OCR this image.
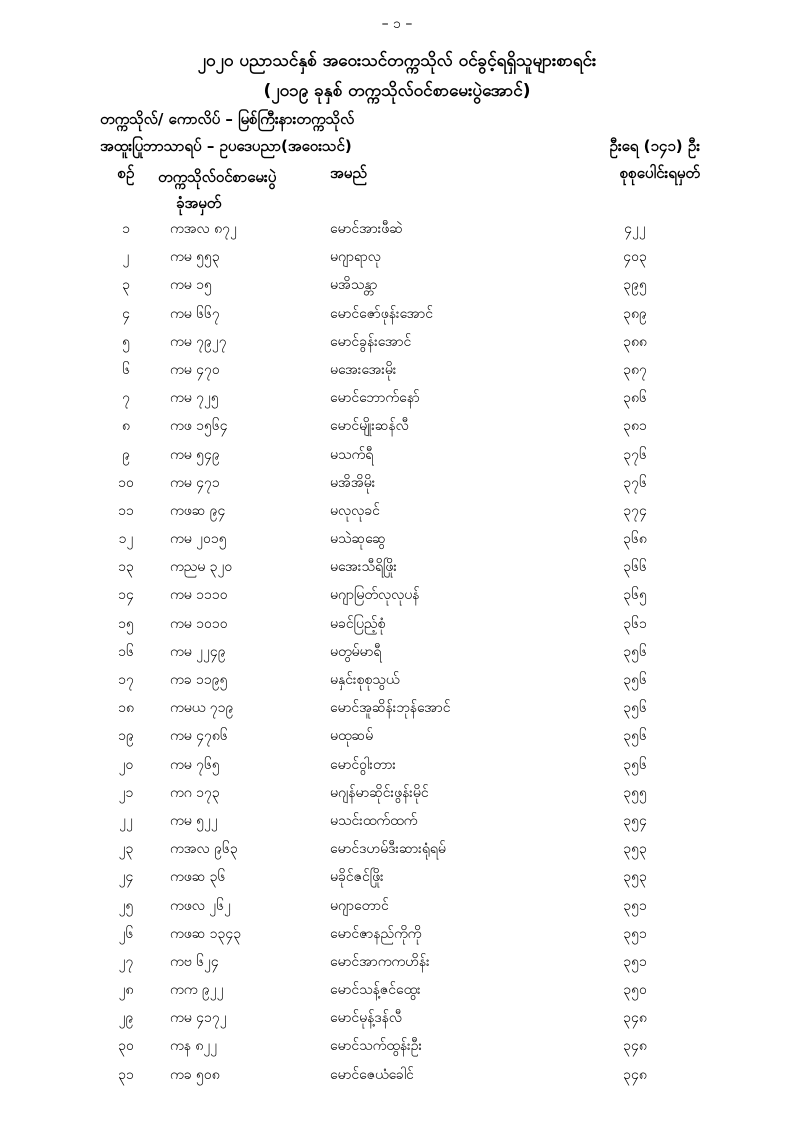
– ၁ –
၂၀၂၀ ပညာသင်နှစ် အဝေးသင်တက္ကသိုလ် ဝင်ခွင့်ရရှိသူများစာရင်း
(၂၀၁၉ ခုနှစ် တက္ကသိုလ်ဝင်စာမေးပွဲအောင်)
တက္ကသိုလ်/ ကောလိပ် – မြစ်ကြီးနားတက္ကသိုလ်
အထူးပြုဘာသာရပ် – ဥပဒေပညာ(အဝေးသင်)	ဦးရေ (၁၄၁) ဦး
စဉ်	တက္ကသိုလ်ဝင်စာမေးပွဲ
ခုံအမှတ်
အမည်	စုစုပေါင်းရမှတ်
၁	ကအလ ၈၇၂	မောင်အားဖီဆဲ	၄၂၂
၂	ကမ ၅၅၃	မဂျာရာလု	၄၀၃
၃	ကမ ၁၅	မအိသန္တာ	၃၉၅
၄	ကမ ၆၆၇	မောင်ဇော်ဖုန်းအောင်	၃၈၉
၅	ကမ ၇၉၂၇	မောင်ခွန်းအောင်	၃၈၈
၆	ကမ ၄၇၀	မအေးအေးမိုး	၃၈၇
၇	ကမ ၇၂၅	မောင်ဘောက်နော်	၃၈၆
၈	ကဖ ၁၅၆၄	မောင်မျိုးဆန်လီ	၃၈၁
၉	ကမ ၅၄၉	မသက်ရီ	၃၇၆
၁၀	ကမ ၄၇၁	မအိအိမိုး	၃၇၆
၁၁	ကဖဆ ၉၄	မလုလုခင်	၃၇၄
၁၂	ကမ ၂၀၁၅	မသဲဆုဆွေ	၃၆၈
၁၃	ကညမ ၃၂၀	မအေးသီရိဖြိုး	၃၆၆
၁၄	ကမ ၁၁၁၀	မဂျာမြတ်လုလုပန်	၃၆၅
၁၅	ကမ ၁၀၁၀	မခင်ပြည့်စုံ	၃၆၁
၁၆	ကမ ၂၂၄၉	မတွမ်မာရီ	၃၅၆
၁၇	ကခ ၁၁၉၅	မနှင်းစုစုသွယ်	၃၅၆
၁၈	ကမယ ၇၁၉	မောင်အူဆိန်းဘုန်အောင်	၃၅၆
၁၉	ကမ ၄၇၈၆	မထုဆမ်	၃၅၆
၂၀	ကမ ၇၆၅	မောင်ဝွါးတား	၃၅၆
၂၁	ကဂ ၁၇၃	မဂျန်မာဆိုင်းဖွန်းမိုင်	၃၅၅
၂၂	ကမ ၅၂၂	မသင်းထက်ထက်	၃၅၄
၂၃	ကအလ ၉၆၃	မောင်ဒဟမ်ဒီးဆားရုံရမ်	၃၅၃
၂၄	ကဖဆ ၃၆	မခိုင်ဇင်ဖြိုး	၃၅၃
၂၅	ကဖလ ၂၆၂	မဂျာတောင်	၃၅၁
၂၆	ကဖဆ ၁၃၄၃	မောင်ဇာနည်ကိုကို	၃၅၁
၂၇	ကဗ ၆၂၄	မောင်အာကကဟိန်း	၃၅၁
၂၈	ကက ၉၂၂	မောင်သန့်ဇင်ထွေး	၃၅၀
၂၉	ကမ ၄၁၇၂	မောင်မုန့်ဒန်လီ	၃၄၈
၃၀	ကန ၈၂၂	မောင်သက်ထွန်းဦး	၃၄၈
၃၁	ကခ ၅၀၈	မောင်ဇေယံခေါင်	၃၄၈
